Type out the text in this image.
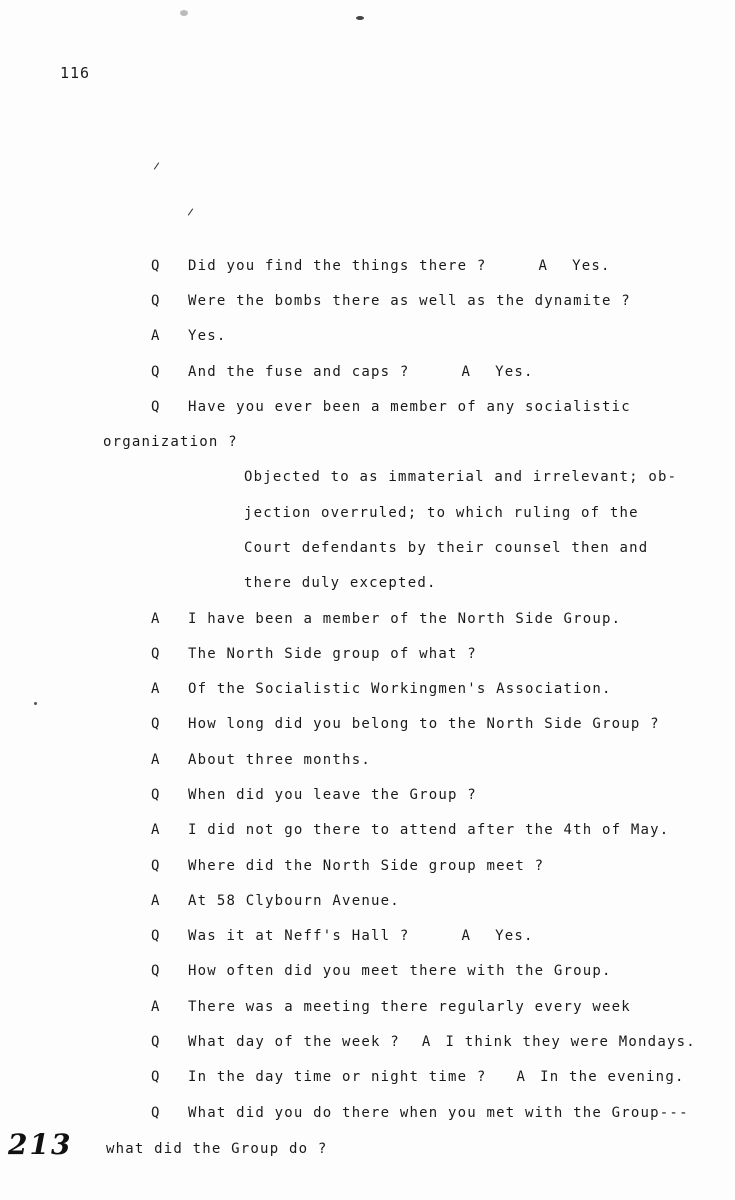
116
Q Did you find the things there ?	A Yes.
Q Were the bombs there as well as the dynamite ?
A Yes.
Q And the fuse and caps ?	A Yes.
Q Have you ever been a member of any socialistic
organization ?
Objected to as immaterial and irrelevant; ob-
jection overruled; to which ruling of the
Court defendants by their counsel then and
there duly excepted.
A I have been a member of the North Side Group.
Q The North Side group of what ?
A Of the Socialistic Workingmen's Association.
Q How long did you belong to the North Side Group ?
A About three months.
Q When did you leave the Group ?
A I did not go there to attend after the 4th of May.
Q Where did the North Side group meet ?
A At 58 Clybourn Avenue.
Q Was it at Neff's Hall ?	A Yes.
Q How often did you meet there with the Group.
A There was a meeting there regularly every week
Q What day of the week ? A I think they were Mondays.
Q In the day time or night time ? A In the evening.
Q What did you do there when you met with the Group---
what did the Group do ?
213
